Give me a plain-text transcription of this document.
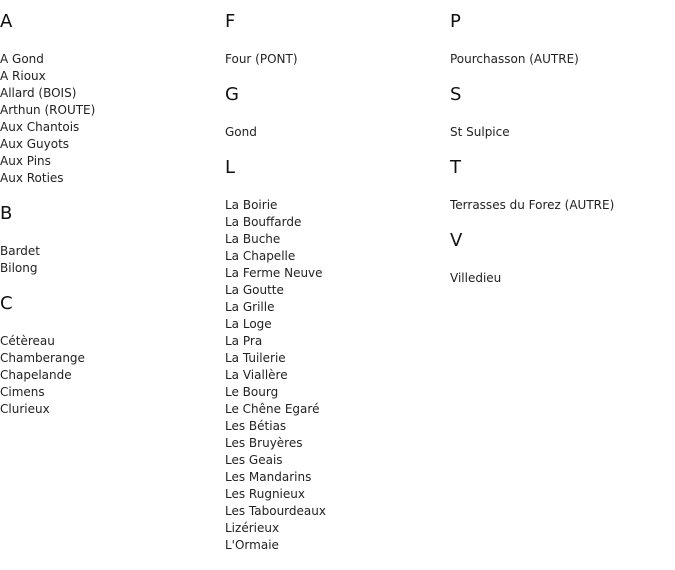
A
A Gond
A Rioux
Allard (BOIS)
Arthun (ROUTE)
Aux Chantois
Aux Guyots
Aux Pins
Aux Roties
B
Bardet
Bilong
C
Cétèreau
Chamberange
Chapelande
Cimens
Clurieux
F
Four (PONT)
G
Gond
L
La Boirie
La Bouffarde
La Buche
La Chapelle
La Ferme Neuve
La Goutte
La Grille
La Loge
La Pra
La Tuilerie
La Viallère
Le Bourg
Le Chêne Egaré
Les Bétias
Les Bruyères
Les Geais
Les Mandarins
Les Rugnieux
Les Tabourdeaux
Lizérieux
L'Ormaie
P
Pourchasson (AUTRE)
S
St Sulpice
T
Terrasses du Forez (AUTRE)
V
Villedieu
